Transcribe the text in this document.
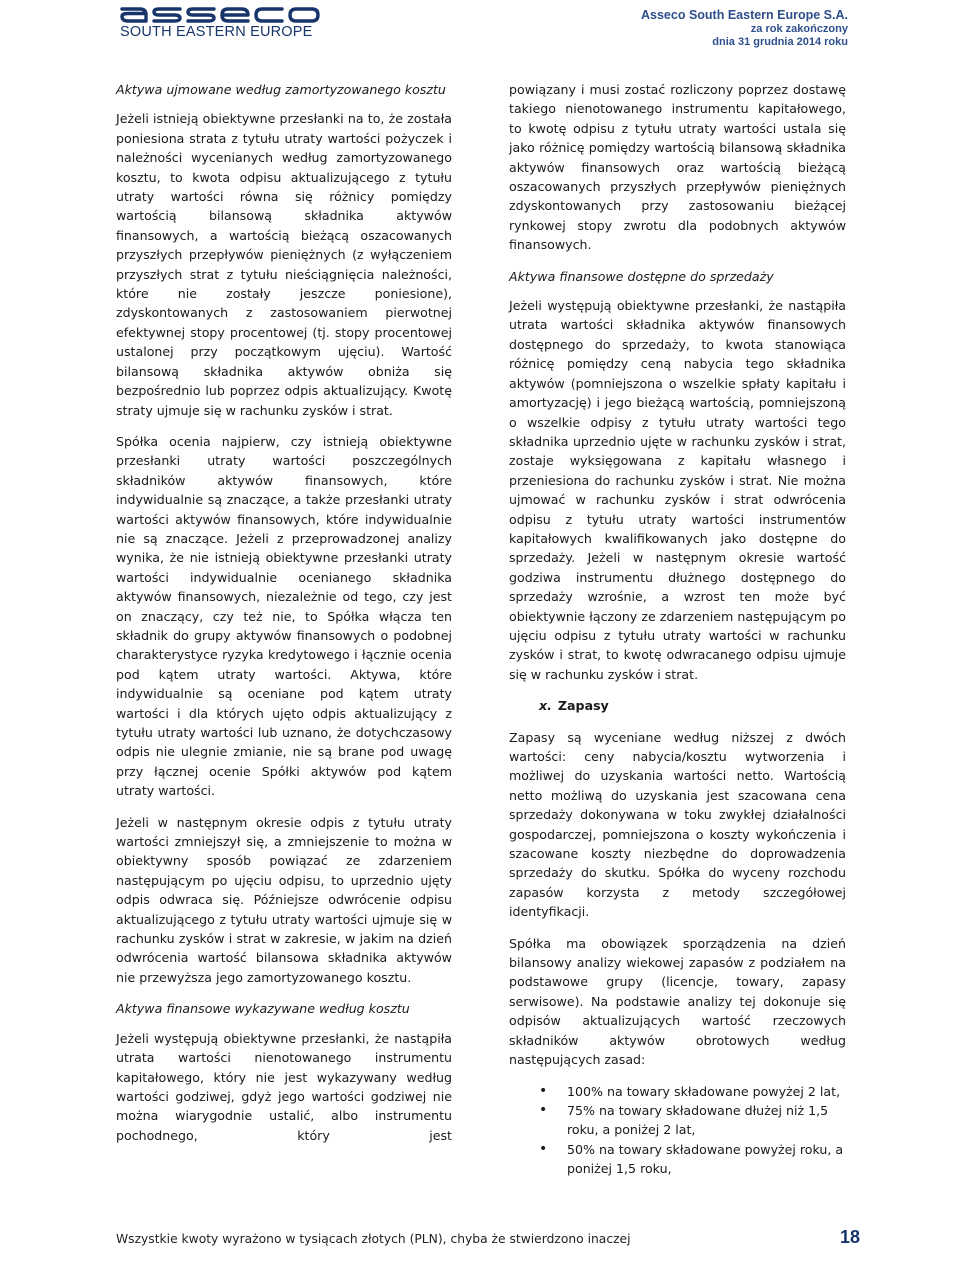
SOUTH EASTERN EUROPE
Asseco South Eastern Europe S.A.
za rok zakończony
dnia 31 grudnia 2014 roku

Aktywa ujmowane według zamortyzowanego kosztu

Jeżeli istnieją obiektywne przesłanki na to, że została poniesiona strata z tytułu utraty wartości pożyczek i należności wycenianych według zamortyzowanego kosztu, to kwota odpisu aktualizującego z tytułu utraty wartości równa się różnicy pomiędzy wartością bilansową składnika aktywów finansowych, a wartością bieżącą oszacowanych przyszłych przepływów pieniężnych (z wyłączeniem przyszłych strat z tytułu nieściągnięcia należności, które nie zostały jeszcze poniesione), zdyskontowanych z zastosowaniem pierwotnej efektywnej stopy procentowej (tj. stopy procentowej ustalonej przy początkowym ujęciu). Wartość bilansową składnika aktywów obniża się bezpośrednio lub poprzez odpis aktualizujący. Kwotę straty ujmuje się w rachunku zysków i strat.

Spółka ocenia najpierw, czy istnieją obiektywne przesłanki utraty wartości poszczególnych składników aktywów finansowych, które indywidualnie są znaczące, a także przesłanki utraty wartości aktywów finansowych, które indywidualnie nie są znaczące. Jeżeli z przeprowadzonej analizy wynika, że nie istnieją obiektywne przesłanki utraty wartości indywidualnie ocenianego składnika aktywów finansowych, niezależnie od tego, czy jest on znaczący, czy też nie, to Spółka włącza ten składnik do grupy aktywów finansowych o podobnej charakterystyce ryzyka kredytowego i łącznie ocenia pod kątem utraty wartości. Aktywa, które indywidualnie są oceniane pod kątem utraty wartości i dla których ujęto odpis aktualizujący z tytułu utraty wartości lub uznano, że dotychczasowy odpis nie ulegnie zmianie, nie są brane pod uwagę przy łącznej ocenie Spółki aktywów pod kątem utraty wartości.

Jeżeli w następnym okresie odpis z tytułu utraty wartości zmniejszył się, a zmniejszenie to można w obiektywny sposób powiązać ze zdarzeniem następującym po ujęciu odpisu, to uprzednio ujęty odpis odwraca się. Późniejsze odwrócenie odpisu aktualizującego z tytułu utraty wartości ujmuje się w rachunku zysków i strat w zakresie, w jakim na dzień odwrócenia wartość bilansowa składnika aktywów nie przewyższa jego zamortyzowanego kosztu.

Aktywa finansowe wykazywane według kosztu

Jeżeli występują obiektywne przesłanki, że nastąpiła utrata wartości nienotowanego instrumentu kapitałowego, który nie jest wykazywany według wartości godziwej, gdyż jego wartości godziwej nie można wiarygodnie ustalić, albo instrumentu pochodnego, który jest

powiązany i musi zostać rozliczony poprzez dostawę takiego nienotowanego instrumentu kapitałowego, to kwotę odpisu z tytułu utraty wartości ustala się jako różnicę pomiędzy wartością bilansową składnika aktywów finansowych oraz wartością bieżącą oszacowanych przyszłych przepływów pieniężnych zdyskontowanych przy zastosowaniu bieżącej rynkowej stopy zwrotu dla podobnych aktywów finansowych.

Aktywa finansowe dostępne do sprzedaży

Jeżeli występują obiektywne przesłanki, że nastąpiła utrata wartości składnika aktywów finansowych dostępnego do sprzedaży, to kwota stanowiąca różnicę pomiędzy ceną nabycia tego składnika aktywów (pomniejszona o wszelkie spłaty kapitału i amortyzację) i jego bieżącą wartością, pomniejszoną o wszelkie odpisy z tytułu utraty wartości tego składnika uprzednio ujęte w rachunku zysków i strat, zostaje wyksięgowana z kapitału własnego i przeniesiona do rachunku zysków i strat. Nie można ujmować w rachunku zysków i strat odwrócenia odpisu z tytułu utraty wartości instrumentów kapitałowych kwalifikowanych jako dostępne do sprzedaży. Jeżeli w następnym okresie wartość godziwa instrumentu dłużnego dostępnego do sprzedaży wzrośnie, a wzrost ten może być obiektywnie łączony ze zdarzeniem następującym po ujęciu odpisu z tytułu utraty wartości w rachunku zysków i strat, to kwotę odwracanego odpisu ujmuje się w rachunku zysków i strat.

x. Zapasy

Zapasy są wyceniane według niższej z dwóch wartości: ceny nabycia/kosztu wytworzenia i możliwej do uzyskania wartości netto. Wartością netto możliwą do uzyskania jest szacowana cena sprzedaży dokonywana w toku zwykłej działalności gospodarczej, pomniejszona o koszty wykończenia i szacowane koszty niezbędne do doprowadzenia sprzedaży do skutku. Spółka do wyceny rozchodu zapasów korzysta z metody szczegółowej identyfikacji.

Spółka ma obowiązek sporządzenia na dzień bilansowy analizy wiekowej zapasów z podziałem na podstawowe grupy (licencje, towary, zapasy serwisowe). Na podstawie analizy tej dokonuje się odpisów aktualizujących wartość rzeczowych składników aktywów obrotowych według następujących zasad:

• 100% na towary składowane powyżej 2 lat,
• 75% na towary składowane dłużej niż 1,5 roku, a poniżej 2 lat,
• 50% na towary składowane powyżej roku, a poniżej 1,5 roku,
Wszystkie kwoty wyrażono w tysiącach złotych (PLN), chyba że stwierdzono inaczej	18
